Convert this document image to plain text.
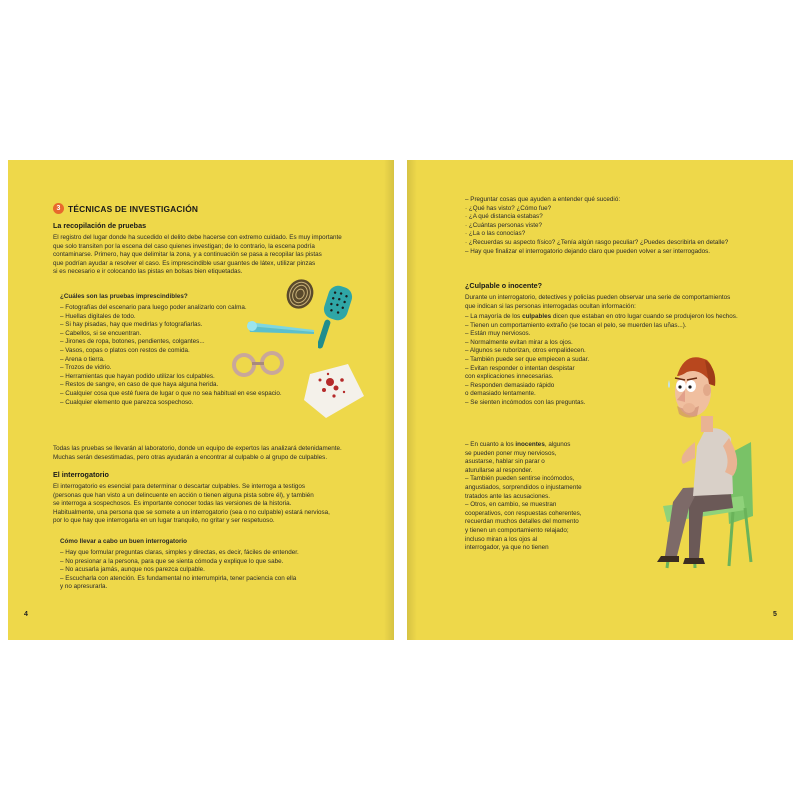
3 TÉCNICAS DE INVESTIGACIÓN
La recopilación de pruebas
El registro del lugar donde ha sucedido el delito debe hacerse con extremo cuidado. Es muy importante
que solo transiten por la escena del caso quienes investigan; de lo contrario, la escena podría
contaminarse. Primero, hay que delimitar la zona, y a continuación se pasa a recopilar las pistas
que podrían ayudar a resolver el caso. Es imprescindible usar guantes de látex, utilizar pinzas
si es necesario e ir colocando las pistas en bolsas bien etiquetadas.
¿Cuáles son las pruebas imprescindibles?
– Fotografías del escenario para luego poder analizarlo con calma.
– Huellas digitales de todo.
– Si hay pisadas, hay que medirlas y fotografiarlas.
– Cabellos, si se encuentran.
– Jirones de ropa, botones, pendientes, colgantes...
– Vasos, copas o platos con restos de comida.
– Arena o tierra.
– Trozos de vidrio.
– Herramientas que hayan podido utilizar los culpables.
– Restos de sangre, en caso de que haya alguna herida.
– Cualquier cosa que esté fuera de lugar o que no sea habitual en ese espacio.
– Cualquier elemento que parezca sospechoso.
Todas las pruebas se llevarán al laboratorio, donde un equipo de expertos las analizará detenidamente.
Muchas serán desestimadas, pero otras ayudarán a encontrar al culpable o al grupo de culpables.
El interrogatorio
El interrogatorio es esencial para determinar o descartar culpables. Se interroga a testigos
(personas que han visto a un delincuente en acción o tienen alguna pista sobre él), y también
se interroga a sospechosos. Es importante conocer todas las versiones de la historia.
Habitualmente, una persona que se somete a un interrogatorio (sea o no culpable) estará nerviosa,
por lo que hay que interrogarla en un lugar tranquilo, no gritar y ser respetuoso.
Cómo llevar a cabo un buen interrogatorio
– Hay que formular preguntas claras, simples y directas, es decir, fáciles de entender.
– No presionar a la persona, para que se sienta cómoda y explique lo que sabe.
– No acusarla jamás, aunque nos parezca culpable.
– Escucharla con atención. Es fundamental no interrumpirla, tener paciencia con ella
y no apresurarla.
4
– Preguntar cosas que ayuden a entender qué sucedió:
· ¿Qué has visto? ¿Cómo fue?
· ¿A qué distancia estabas?
· ¿Cuántas personas viste?
· ¿La o las conocías?
· ¿Recuerdas su aspecto físico? ¿Tenía algún rasgo peculiar? ¿Puedes describirla en detalle?
– Hay que finalizar el interrogatorio dejando claro que pueden volver a ser interrogados.
¿Culpable o inocente?
Durante un interrogatorio, detectives y policías pueden observar una serie de comportamientos
que indican si las personas interrogadas ocultan información:
– La mayoría de los culpables dicen que estaban en otro lugar cuando se produjeron los hechos.
– Tienen un comportamiento extraño (se tocan el pelo, se muerden las uñas...).
– Están muy nerviosos.
– Normalmente evitan mirar a los ojos.
– Algunos se ruborizan, otros empalidecen.
– También puede ser que empiecen a sudar.
– Evitan responder o intentan despistar
con explicaciones innecesarias.
– Responden demasiado rápido
o demasiado lentamente.
– Se sienten incómodos con las preguntas.
– En cuanto a los inocentes, algunos
se pueden poner muy nerviosos,
asustarse, hablar sin parar o
aturullarse al responder.
– También pueden sentirse incómodos,
angustiados, sorprendidos o injustamente
tratados ante las acusaciones.
– Otros, en cambio, se muestran
cooperativos, con respuestas coherentes,
recuerdan muchos detalles del momento
y tienen un comportamiento relajado;
incluso miran a los ojos al
interrogador, ya que no tienen
5
